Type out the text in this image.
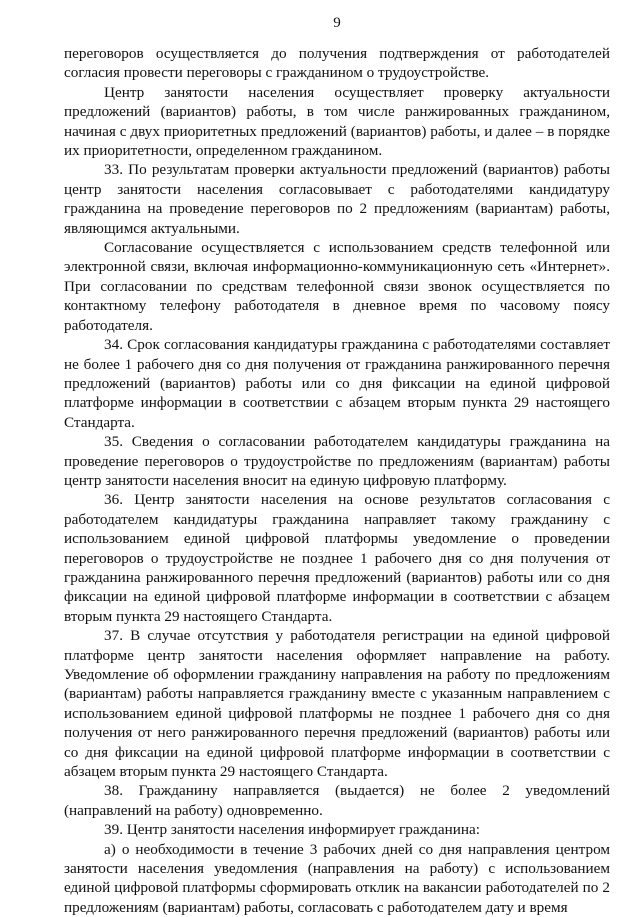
9

переговоров осуществляется до получения подтверждения от работодателей согласия провести переговоры с гражданином о трудоустройстве.

Центр занятости населения осуществляет проверку актуальности предложений (вариантов) работы, в том числе ранжированных гражданином, начиная с двух приоритетных предложений (вариантов) работы, и далее – в порядке их приоритетности, определенном гражданином.

33. По результатам проверки актуальности предложений (вариантов) работы центр занятости населения согласовывает с работодателями кандидатуру гражданина на проведение переговоров по 2 предложениям (вариантам) работы, являющимся актуальными.

Согласование осуществляется с использованием средств телефонной или электронной связи, включая информационно-коммуникационную сеть «Интернет». При согласовании по средствам телефонной связи звонок осуществляется по контактному телефону работодателя в дневное время по часовому поясу работодателя.

34. Срок согласования кандидатуры гражданина с работодателями составляет не более 1 рабочего дня со дня получения от гражданина ранжированного перечня предложений (вариантов) работы или со дня фиксации на единой цифровой платформе информации в соответствии с абзацем вторым пункта 29 настоящего Стандарта.

35. Сведения о согласовании работодателем кандидатуры гражданина на проведение переговоров о трудоустройстве по предложениям (вариантам) работы центр занятости населения вносит на единую цифровую платформу.

36. Центр занятости населения на основе результатов согласования с работодателем кандидатуры гражданина направляет такому гражданину с использованием единой цифровой платформы уведомление о проведении переговоров о трудоустройстве не позднее 1 рабочего дня со дня получения от гражданина ранжированного перечня предложений (вариантов) работы или со дня фиксации на единой цифровой платформе информации в соответствии с абзацем вторым пункта 29 настоящего Стандарта.

37. В случае отсутствия у работодателя регистрации на единой цифровой платформе центр занятости населения оформляет направление на работу. Уведомление об оформлении гражданину направления на работу по предложениям (вариантам) работы направляется гражданину вместе с указанным направлением с использованием единой цифровой платформы не позднее 1 рабочего дня со дня получения от него ранжированного перечня предложений (вариантов) работы или со дня фиксации на единой цифровой платформе информации в соответствии с абзацем вторым пункта 29 настоящего Стандарта.

38. Гражданину направляется (выдается) не более 2 уведомлений (направлений на работу) одновременно.

39. Центр занятости населения информирует гражданина:

а) о необходимости в течение 3 рабочих дней со дня направления центром занятости населения уведомления (направления на работу) с использованием единой цифровой платформы сформировать отклик на вакансии работодателей по 2 предложениям (вариантам) работы, согласовать с работодателем дату и время
